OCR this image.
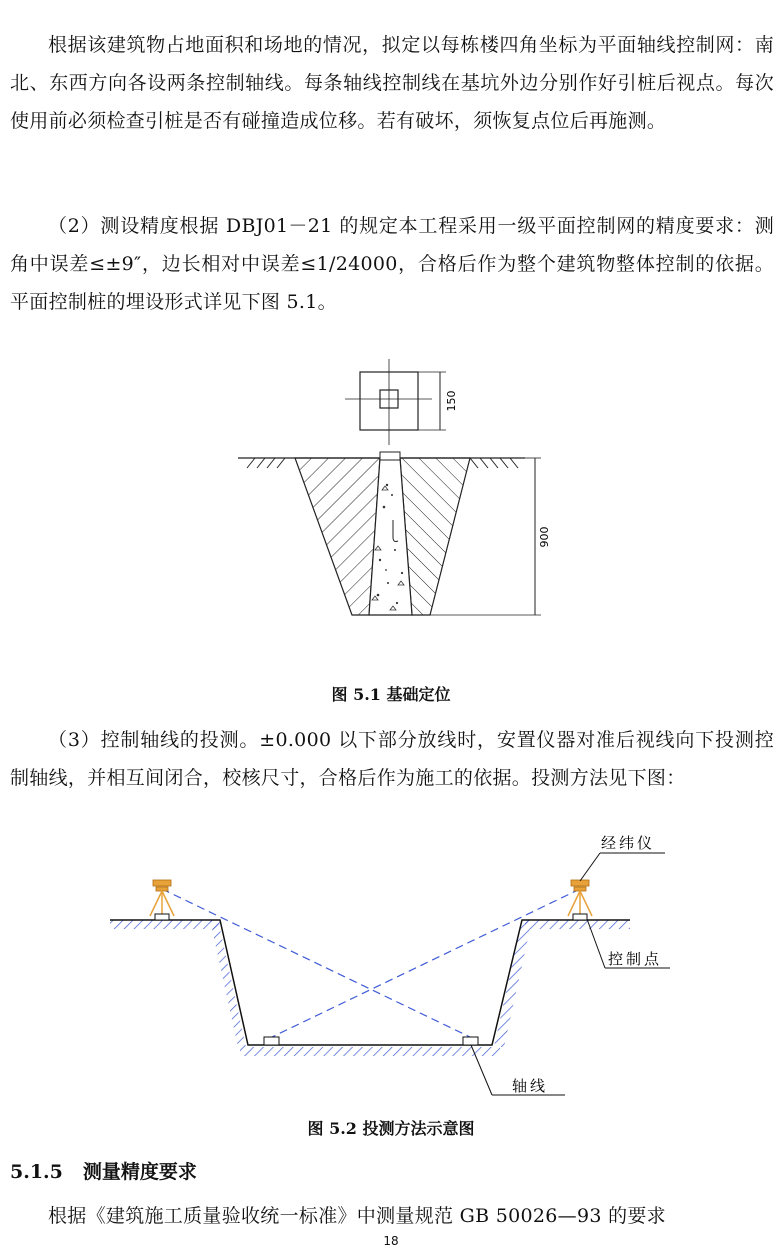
根据该建筑物占地面积和场地的情况，拟定以每栋楼四角坐标为平面轴线控制网：南北、东西方向各设两条控制轴线。每条轴线控制线在基坑外边分别作好引桩后视点。每次使用前必须检查引桩是否有碰撞造成位移。若有破坏，须恢复点位后再施测。
（2）测设精度根据 DBJ01－21 的规定本工程采用一级平面控制网的精度要求：测角中误差≤±9″，边长相对中误差≤1/24000，合格后作为整个建筑物整体控制的依据。平面控制桩的埋设形式详见下图 5.1。
150
900
图 5.1 基础定位
（3）控制轴线的投测。±0.000 以下部分放线时，安置仪器对准后视线向下投测控制轴线，并相互间闭合，校核尺寸，合格后作为施工的依据。投测方法见下图：
经纬仪
控制点
轴线
图 5.2 投测方法示意图
5.1.5 测量精度要求
根据《建筑施工质量验收统一标准》中测量规范 GB 50026—93 的要求
18
